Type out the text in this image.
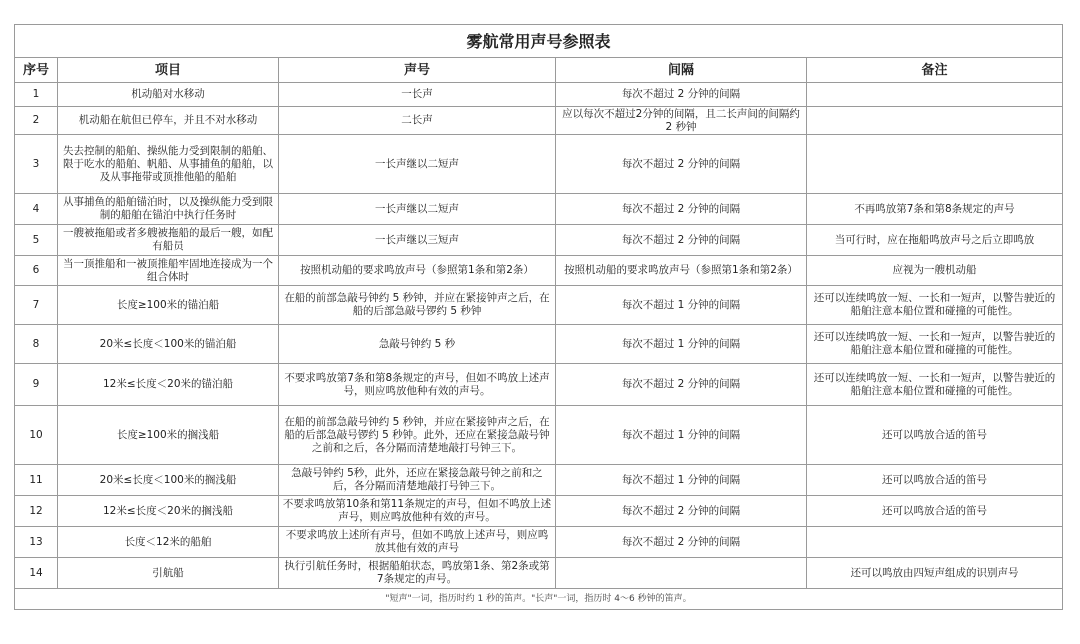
雾航常用声号参照表				
序号	项目	声号	间隔	备注
1	机动船对水移动	一长声	每次不超过 2 分钟的间隔	
2	机动船在航但已停车，并且不对水移动	二长声	应以每次不超过2分钟的间隔，且二长声间的间隔约 2 秒钟	
3	失去控制的船舶、操纵能力受到限制的船舶、限于吃水的船舶、帆船、从事捕鱼的船舶，以及从事拖带或顶推他船的船舶	一长声继以二短声	每次不超过 2 分钟的间隔	
4	从事捕鱼的船舶锚泊时，以及操纵能力受到限制的船舶在锚泊中执行任务时	一长声继以二短声	每次不超过 2 分钟的间隔	不再鸣放第7条和第8条规定的声号
5	一艘被拖船或者多艘被拖船的最后一艘，如配有船员	一长声继以三短声	每次不超过 2 分钟的间隔	当可行时，应在拖船鸣放声号之后立即鸣放
6	当一顶推船和一被顶推船牢固地连接成为一个组合体时	按照机动船的要求鸣放声号（参照第1条和第2条）	按照机动船的要求鸣放声号（参照第1条和第2条）	应视为一艘机动船
7	长度≥100米的锚泊船	在船的前部急敲号钟约 5 秒钟，并应在紧接钟声之后，在船的后部急敲号锣约 5 秒钟	每次不超过 1 分钟的间隔	还可以连续鸣放一短、一长和一短声，以警告驶近的船舶注意本船位置和碰撞的可能性。
8	20米≤长度＜100米的锚泊船	急敲号钟约 5 秒	每次不超过 1 分钟的间隔	还可以连续鸣放一短、一长和一短声，以警告驶近的船舶注意本船位置和碰撞的可能性。
9	12米≤长度＜20米的锚泊船	不要求鸣放第7条和第8条规定的声号，但如不鸣放上述声号，则应鸣放他种有效的声号。	每次不超过 2 分钟的间隔	还可以连续鸣放一短、一长和一短声，以警告驶近的船舶注意本船位置和碰撞的可能性。
10	长度≥100米的搁浅船	在船的前部急敲号钟约 5 秒钟，并应在紧接钟声之后，在船的后部急敲号锣约 5 秒钟。此外，还应在紧接急敲号钟之前和之后，各分隔而清楚地敲打号钟三下。	每次不超过 1 分钟的间隔	还可以鸣放合适的笛号
11	20米≤长度＜100米的搁浅船	急敲号钟约 5秒，此外，还应在紧接急敲号钟之前和之后，各分隔而清楚地敲打号钟三下。	每次不超过 1 分钟的间隔	还可以鸣放合适的笛号
12	12米≤长度＜20米的搁浅船	不要求鸣放第10条和第11条规定的声号，但如不鸣放上述声号，则应鸣放他种有效的声号。	每次不超过 2 分钟的间隔	还可以鸣放合适的笛号
13	长度＜12米的船舶	不要求鸣放上述所有声号，但如不鸣放上述声号，则应鸣放其他有效的声号	每次不超过 2 分钟的间隔	
14	引航船	执行引航任务时，根据船舶状态，鸣放第1条、第2条或第7条规定的声号。		还可以鸣放由四短声组成的识别声号
"短声"一词，指历时约 1 秒的笛声。"长声"一词，指历时 4～6 秒钟的笛声。				
